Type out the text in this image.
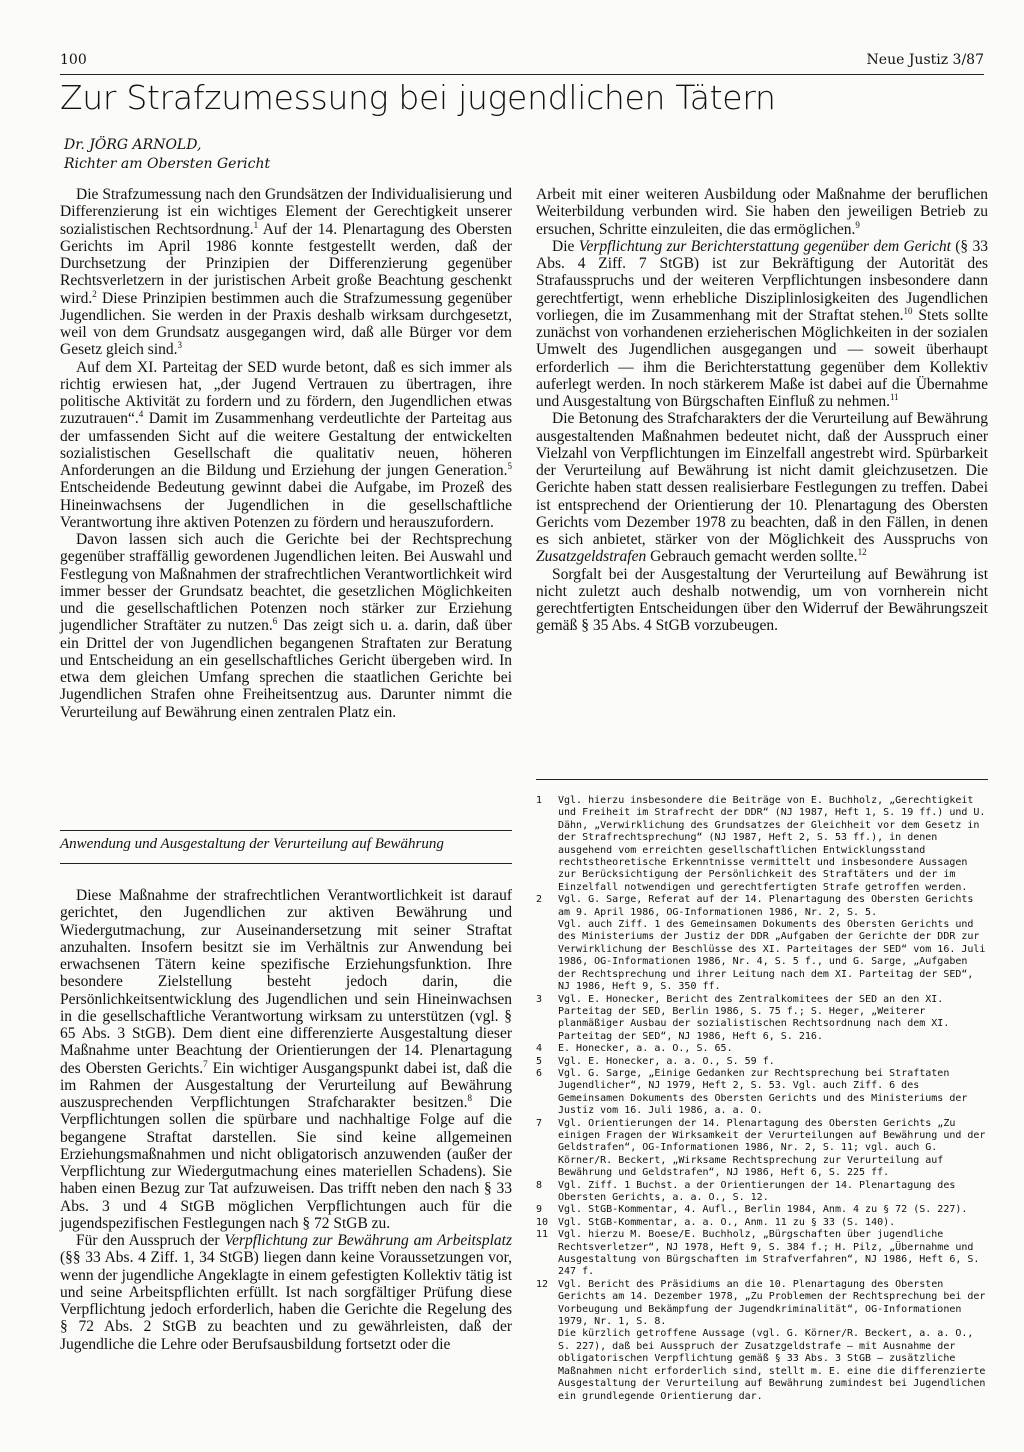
100	Neue Justiz 3/87
Zur Strafzumessung bei jugendlichen Tätern
Dr. JÖRG ARNOLD,
Richter am Obersten Gericht

Die Strafzumessung nach den Grundsätzen der Individualisierung und Differenzierung ist ein wichtiges Element der Gerechtigkeit unserer sozialistischen Rechtsordnung.$^1$ Auf der 14. Plenartagung des Obersten Gerichts im April 1986 konnte festgestellt werden, daß der Durchsetzung der Prinzipien der Differenzierung gegenüber Rechtsverletzern in der juristischen Arbeit große Beachtung geschenkt wird.$^2$ Diese Prinzipien bestimmen auch die Strafzumessung gegenüber Jugendlichen. Sie werden in der Praxis deshalb wirksam durchgesetzt, weil von dem Grundsatz ausgegangen wird, daß alle Bürger vor dem Gesetz gleich sind.$^3$

Auf dem XI. Parteitag der SED wurde betont, daß es sich immer als richtig erwiesen hat, „der Jugend Vertrauen zu übertragen, ihre politische Aktivität zu fordern und zu fördern, den Jugendlichen etwas zuzutrauen“.$^4$ Damit im Zusammenhang verdeutlichte der Parteitag aus der umfassenden Sicht auf die weitere Gestaltung der entwickelten sozialistischen Gesellschaft die qualitativ neuen, höheren Anforderungen an die Bildung und Erziehung der jungen Generation.$^5$ Entscheidende Bedeutung gewinnt dabei die Aufgabe, im Prozeß des Hineinwachsens der Jugendlichen in die gesellschaftliche Verantwortung ihre aktiven Potenzen zu fördern und herauszufordern.

Davon lassen sich auch die Gerichte bei der Rechtsprechung gegenüber straffällig gewordenen Jugendlichen leiten. Bei Auswahl und Festlegung von Maßnahmen der strafrechtlichen Verantwortlichkeit wird immer besser der Grundsatz beachtet, die gesetzlichen Möglichkeiten und die gesellschaftlichen Potenzen noch stärker zur Erziehung jugendlicher Straftäter zu nutzen.$^6$ Das zeigt sich u. a. darin, daß über ein Drittel der von Jugendlichen begangenen Straftaten zur Beratung und Entscheidung an ein gesellschaftliches Gericht übergeben wird. In etwa dem gleichen Umfang sprechen die staatlichen Gerichte bei Jugendlichen Strafen ohne Freiheitsentzug aus. Darunter nimmt die Verurteilung auf Bewährung einen zentralen Platz ein.

Anwendung und Ausgestaltung der Verurteilung auf Bewährung

Diese Maßnahme der strafrechtlichen Verantwortlichkeit ist darauf gerichtet, den Jugendlichen zur aktiven Bewährung und Wiedergutmachung, zur Auseinandersetzung mit seiner Straftat anzuhalten. Insofern besitzt sie im Verhältnis zur Anwendung bei erwachsenen Tätern keine spezifische Erziehungsfunktion. Ihre besondere Zielstellung besteht jedoch darin, die Persönlichkeitsentwicklung des Jugendlichen und sein Hineinwachsen in die gesellschaftliche Verantwortung wirksam zu unterstützen (vgl. § 65 Abs. 3 StGB). Dem dient eine differenzierte Ausgestaltung dieser Maßnahme unter Beachtung der Orientierungen der 14. Plenartagung des Obersten Gerichts.$^7$ Ein wichtiger Ausgangspunkt dabei ist, daß die im Rahmen der Ausgestaltung der Verurteilung auf Bewährung auszusprechenden Verpflichtungen Strafcharakter besitzen.$^8$ Die Verpflichtungen sollen die spürbare und nachhaltige Folge auf die begangene Straftat darstellen. Sie sind keine allgemeinen Erziehungsmaßnahmen und nicht obligatorisch anzuwenden (außer der Verpflichtung zur Wiedergutmachung eines materiellen Schadens). Sie haben einen Bezug zur Tat aufzuweisen. Das trifft neben den nach § 33 Abs. 3 und 4 StGB möglichen Verpflichtungen auch für die jugendspezifischen Festlegungen nach § 72 StGB zu.

Für den Ausspruch der Verpflichtung zur Bewährung am Arbeitsplatz (§§ 33 Abs. 4 Ziff. 1, 34 StGB) liegen dann keine Voraussetzungen vor, wenn der jugendliche Angeklagte in einem gefestigten Kollektiv tätig ist und seine Arbeitspflichten erfüllt. Ist nach sorgfältiger Prüfung diese Verpflichtung jedoch erforderlich, haben die Gerichte die Regelung des § 72 Abs. 2 StGB zu beachten und zu gewährleisten, daß der Jugendliche die Lehre oder Berufsausbildung fortsetzt oder die

Arbeit mit einer weiteren Ausbildung oder Maßnahme der beruflichen Weiterbildung verbunden wird. Sie haben den jeweiligen Betrieb zu ersuchen, Schritte einzuleiten, die das ermöglichen.$^9$

Die Verpflichtung zur Berichterstattung gegenüber dem Gericht (§ 33 Abs. 4 Ziff. 7 StGB) ist zur Bekräftigung der Autorität des Strafausspruchs und der weiteren Verpflichtungen insbesondere dann gerechtfertigt, wenn erhebliche Disziplinlosigkeiten des Jugendlichen vorliegen, die im Zusammenhang mit der Straftat stehen.$^{10}$ Stets sollte zunächst von vorhandenen erzieherischen Möglichkeiten in der sozialen Umwelt des Jugendlichen ausgegangen und — soweit überhaupt erforderlich — ihm die Berichterstattung gegenüber dem Kollektiv auferlegt werden. In noch stärkerem Maße ist dabei auf die Übernahme und Ausgestaltung von Bürgschaften Einfluß zu nehmen.$^{11}$

Die Betonung des Strafcharakters der die Verurteilung auf Bewährung ausgestaltenden Maßnahmen bedeutet nicht, daß der Ausspruch einer Vielzahl von Verpflichtungen im Einzelfall angestrebt wird. Spürbarkeit der Verurteilung auf Bewährung ist nicht damit gleichzusetzen. Die Gerichte haben statt dessen realisierbare Festlegungen zu treffen. Dabei ist entsprechend der Orientierung der 10. Plenartagung des Obersten Gerichts vom Dezember 1978 zu beachten, daß in den Fällen, in denen es sich anbietet, stärker von der Möglichkeit des Ausspruchs von Zusatzgeldstrafen Gebrauch gemacht werden sollte.$^{12}$

Sorgfalt bei der Ausgestaltung der Verurteilung auf Bewährung ist nicht zuletzt auch deshalb notwendig, um von vornherein nicht gerechtfertigten Entscheidungen über den Widerruf der Bewährungszeit gemäß § 35 Abs. 4 StGB vorzubeugen.

1	Vgl. hierzu insbesondere die Beiträge von E. Buchholz, „Gerechtigkeit und Freiheit im Strafrecht der DDR“ (NJ 1987, Heft 1, S. 19 ff.) und U. Dähn, „Verwirklichung des Grundsatzes der Gleichheit vor dem Gesetz in der Strafrechtsprechung“ (NJ 1987, Heft 2, S. 53 ff.), in denen ausgehend vom erreichten gesellschaftlichen Entwicklungsstand rechtstheoretische Erkenntnisse vermittelt und insbesondere Aussagen zur Berücksichtigung der Persönlichkeit des Straftäters und der im Einzelfall notwendigen und gerechtfertigten Strafe getroffen werden.
2	Vgl. G. Sarge, Referat auf der 14. Plenartagung des Obersten Gerichts am 9. April 1986, OG-Informationen 1986, Nr. 2, S. 5.
Vgl. auch Ziff. 1 des Gemeinsamen Dokuments des Obersten Gerichts und des Ministeriums der Justiz der DDR „Aufgaben der Gerichte der DDR zur Verwirklichung der Beschlüsse des XI. Parteitages der SED“ vom 16. Juli 1986, OG-Informationen 1986, Nr. 4, S. 5 f., und G. Sarge, „Aufgaben der Rechtsprechung und ihrer Leitung nach dem XI. Parteitag der SED“, NJ 1986, Heft 9, S. 350 ff.
3	Vgl. E. Honecker, Bericht des Zentralkomitees der SED an den XI. Parteitag der SED, Berlin 1986, S. 75 f.; S. Heger, „Weiterer planmäßiger Ausbau der sozialistischen Rechtsordnung nach dem XI. Parteitag der SED“, NJ 1986, Heft 6, S. 216.
4	E. Honecker, a. a. O., S. 65.
5	Vgl. E. Honecker, a. a. O., S. 59 f.
6	Vgl. G. Sarge, „Einige Gedanken zur Rechtsprechung bei Straftaten Jugendlicher“, NJ 1979, Heft 2, S. 53. Vgl. auch Ziff. 6 des Gemeinsamen Dokuments des Obersten Gerichts und des Ministeriums der Justiz vom 16. Juli 1986, a. a. O.
7	Vgl. Orientierungen der 14. Plenartagung des Obersten Gerichts „Zu einigen Fragen der Wirksamkeit der Verurteilungen auf Bewährung und der Geldstrafen“, OG-Informationen 1986, Nr. 2, S. 11; vgl. auch G. Körner/R. Beckert, „Wirksame Rechtsprechung zur Verurteilung auf Bewährung und Geldstrafen“, NJ 1986, Heft 6, S. 225 ff.
8	Vgl. Ziff. 1 Buchst. a der Orientierungen der 14. Plenartagung des Obersten Gerichts, a. a. O., S. 12.
9	Vgl. StGB-Kommentar, 4. Aufl., Berlin 1984, Anm. 4 zu § 72 (S. 227).
10 Vgl. StGB-Kommentar, a. a. O., Anm. 11 zu § 33 (S. 140).
11 Vgl. hierzu M. Boese/E. Buchholz, „Bürgschaften über jugendliche Rechtsverletzer“, NJ 1978, Heft 9, S. 384 f.; H. Pilz, „Übernahme und Ausgestaltung von Bürgschaften im Strafverfahren“, NJ 1986, Heft 6, S. 247 f.
12 Vgl. Bericht des Präsidiums an die 10. Plenartagung des Obersten Gerichts am 14. Dezember 1978, „Zu Problemen der Rechtsprechung bei der Vorbeugung und Bekämpfung der Jugendkriminalität“, OG-Informationen 1979, Nr. 1, S. 8.
Die kürzlich getroffene Aussage (vgl. G. Körner/R. Beckert, a. a. O., S. 227), daß bei Ausspruch der Zusatzgeldstrafe — mit Ausnahme der obligatorischen Verpflichtung gemäß § 33 Abs. 3 StGB — zusätzliche Maßnahmen nicht erforderlich sind, stellt m. E. eine die differenzierte Ausgestaltung der Verurteilung auf Bewährung zumindest bei Jugendlichen ein grundlegende Orientierung dar.
